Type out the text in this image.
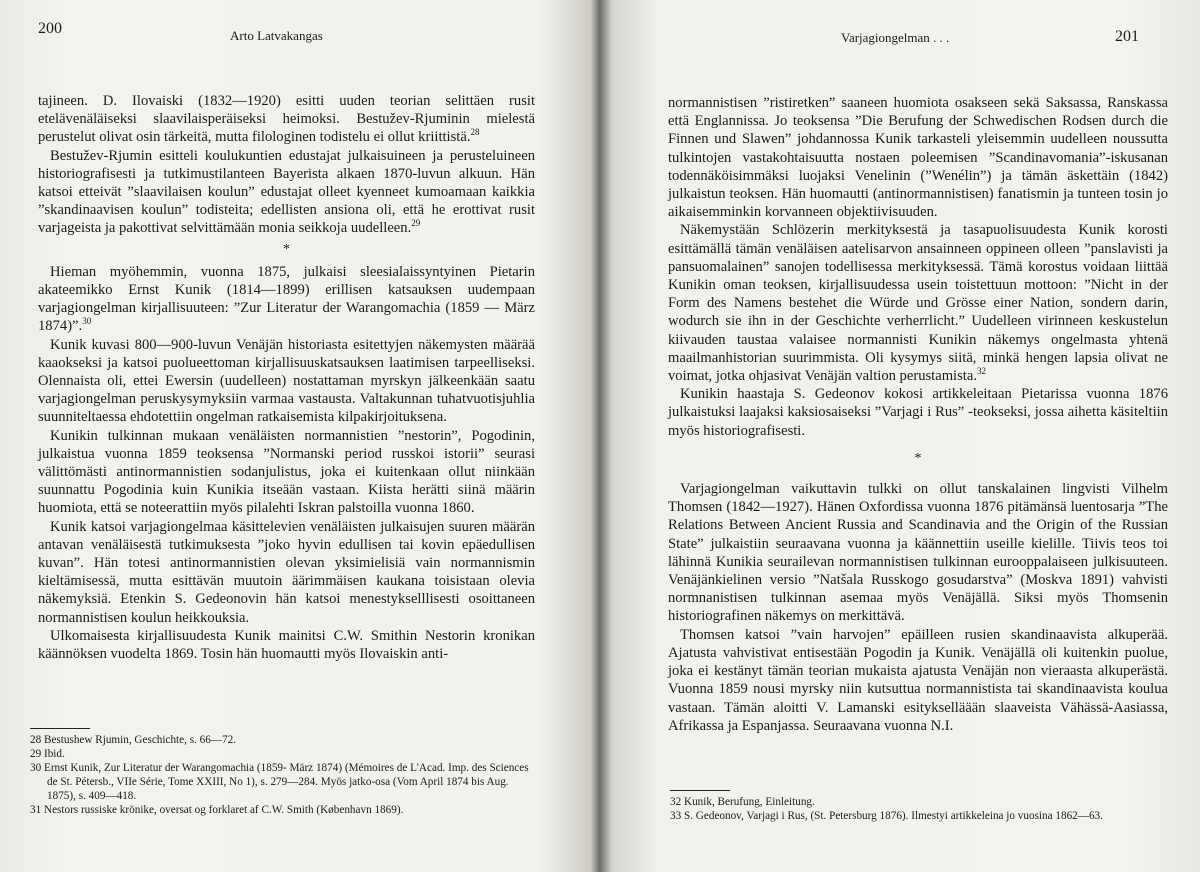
200	Arto Latvakangas

tajineen. D. Ilovaiski (1832—1920) esitti uuden teorian selittäen rusit etelävenäläiseksi slaavilaisperäiseksi heimoksi. Bestužev-Rjuminin mielestä perustelut olivat osin tärkeitä, mutta filologinen todistelu ei ollut kriittistä.$^{28}$

Bestužev-Rjumin esitteli koulukuntien edustajat julkaisuineen ja perusteluineen historiografisesti ja tutkimustilanteen Bayerista alkaen 1870-luvun alkuun. Hän katsoi etteivät ”slaavilaisen koulun” edustajat olleet kyenneet kumoamaan kaikkia ”skandinaavisen koulun” todisteita; edellisten ansiona oli, että he erottivat rusit varjageista ja pakottivat selvittämään monia seikkoja uudelleen.$^{29}$

*

Hieman myöhemmin, vuonna 1875, julkaisi sleesialaissyntyinen Pietarin akateemikko Ernst Kunik (1814—1899) erillisen katsauksen uudempaan varjagiongelman kirjallisuuteen: ”Zur Literatur der Warangomachia (1859 — März 1874)”.$^{30}$

Kunik kuvasi 800—900-luvun Venäjän historiasta esitettyjen näkemysten määrää kaaokseksi ja katsoi puolueettoman kirjallisuuskatsauksen laatimisen tarpeelliseksi. Olennaista oli, ettei Ewersin (uudelleen) nostattaman myrskyn jälkeenkään saatu varjagiongelman peruskysymyksiin varmaa vastausta. Valtakunnan tuhatvuotisjuhlia suunniteltaessa ehdotettiin ongelman ratkaisemista kilpakirjoituksena.

Kunikin tulkinnan mukaan venäläisten normannistien ”nestorin”, Pogodinin, julkaistua vuonna 1859 teoksensa ”Normanski period russkoi istorii” seurasi välittömästi antinormannistien sodanjulistus, joka ei kuitenkaan ollut niinkään suunnattu Pogodinia kuin Kunikia itseään vastaan. Kiista herätti siinä määrin huomiota, että se noteerattiin myös pilalehti Iskran palstoilla vuonna 1860.

Kunik katsoi varjagiongelmaa käsittelevien venäläisten julkaisujen suuren määrän antavan venäläisestä tutkimuksesta ”joko hyvin edullisen tai kovin epäedullisen kuvan”. Hän totesi antinormannistien olevan yksimielisiä vain normannismin kieltämisessä, mutta esittävän muutoin äärimmäisen kaukana toisistaan olevia näkemyksiä. Etenkin S. Gedeonovin hän katsoi menestykselllisesti osoittaneen normannistisen koulun heikkouksia.

Ulkomaisesta kirjallisuudesta Kunik mainitsi C.W. Smithin Nestorin kronikan käännöksen vuodelta 1869. Tosin hän huomautti myös Ilovaiskin anti-

28 Bestushew Rjumin, Geschichte, s. 66—72.
29 Ibid.
30 Ernst Kunik, Zur Literatur der Warangomachia (1859- März 1874) (Mémoires de L'Acad. Imp. des Sciences de St. Pétersb., VIIe Série, Tome XXIII, No 1), s. 279—284. Myös jatko-osa (Vom April 1874 bis Aug. 1875), s. 409—418.
31 Nestors russiske krönike, oversat og forklaret af C.W. Smith (København 1869).
Varjagiongelman . . .	201

normannistisen ”ristiretken” saaneen huomiota osakseen sekä Saksassa, Ranskassa että Englannissa. Jo teoksensa ”Die Berufung der Schwedischen Rodsen durch die Finnen und Slawen” johdannossa Kunik tarkasteli yleisemmin uudelleen noussutta tulkintojen vastakohtaisuutta nostaen poleemisen ”Scandinavomania”-iskusanan todennäköisimmäksi luojaksi Venelinin (”Wenélin”) ja tämän äskettäin (1842) julkaistun teoksen. Hän huomautti (antinormannistisen) fanatismin ja tunteen tosin jo aikaisemminkin korvanneen objektiivisuuden.

Näkemystään Schlözerin merkityksestä ja tasapuolisuudesta Kunik korosti esittämällä tämän venäläisen aatelisarvon ansainneen oppineen olleen ”panslavisti ja pansuomalainen” sanojen todellisessa merkityksessä. Tämä korostus voidaan liittää Kunikin oman teoksen, kirjallisuudessa usein toistettuun mottoon: ”Nicht in der Form des Namens bestehet die Würde und Grösse einer Nation, sondern darin, wodurch sie ihn in der Geschichte verherrlicht.” Uudelleen virinneen keskustelun kiivauden taustaa valaisee normannisti Kunikin näkemys ongelmasta yhtenä maailmanhistorian suurimmista. Oli kysymys siitä, minkä hengen lapsia olivat ne voimat, jotka ohjasivat Venäjän valtion perustamista.$^{32}$

Kunikin haastaja S. Gedeonov kokosi artikkeleitaan Pietarissa vuonna 1876 julkaistuksi laajaksi kaksiosaiseksi ”Varjagi i Rus” -teokseksi, jossa aihetta käsiteltiin myös historiografisesti.

*

Varjagiongelman vaikuttavin tulkki on ollut tanskalainen lingvisti Vilhelm Thomsen (1842—1927). Hänen Oxfordissa vuonna 1876 pitämänsä luentosarja ”The Relations Between Ancient Russia and Scandinavia and the Origin of the Russian State” julkaistiin seuraavana vuonna ja käännettiin useille kielille. Tiivis teos toi lähinnä Kunikia seurailevan normannistisen tulkinnan eurooppalaiseen julkisuuteen. Venäjänkielinen versio ”Natšala Russkogo gosudarstva” (Moskva 1891) vahvisti normnanistisen tulkinnan asemaa myös Venäjällä. Siksi myös Thomsenin historiografinen näkemys on merkittävä.

Thomsen katsoi ”vain harvojen” epäilleen rusien skandinaavista alkuperää. Ajatusta vahvistivat entisestään Pogodin ja Kunik. Venäjällä oli kuitenkin puolue, joka ei kestänyt tämän teorian mukaista ajatusta Venäjän non vieraasta alkuperästä. Vuonna 1859 nousi myrsky niin kutsuttua normannistista tai skandinaavista koulua vastaan. Tämän aloitti V. Lamanski esitykselläään slaaveista Vähässä-Aasiassa, Afrikassa ja Espanjassa. Seuraavana vuonna N.I.

32 Kunik, Berufung, Einleitung.
33 S. Gedeonov, Varjagi i Rus, (St. Petersburg 1876). Ilmestyi artikkeleina jo vuosina 1862—63.
